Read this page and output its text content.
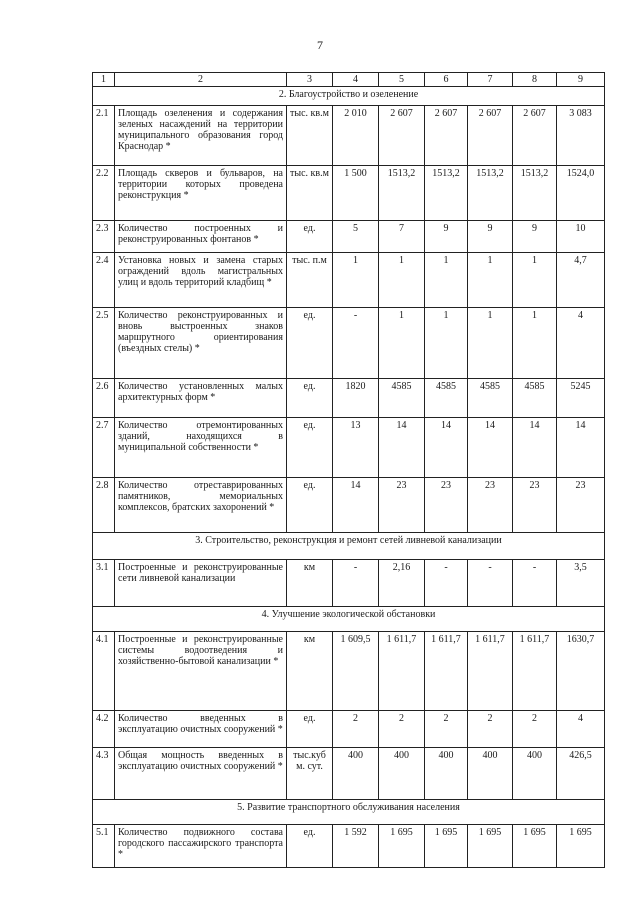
7
1	2	3	4	5	6	7	8	9
2. Благоустройство и озеленение								
2.1	Площадь озеленения и содержания зеленых насаждений на территории муниципального образования город Краснодар *	тыс. кв.м	2 010	2 607	2 607	2 607	2 607	3 083
2.2	Площадь скверов и бульваров, на территории которых проведена реконструкция *	тыс. кв.м	1 500	1513,2	1513,2	1513,2	1513,2	1524,0
2.3	Количество построенных и реконструированных фонтанов *	ед.	5	7	9	9	9	10
2.4	Установка новых и замена старых ограждений вдоль магистральных улиц и вдоль территорий кладбищ *	тыс. п.м	1	1	1	1	1	4,7
2.5	Количество реконструированных и вновь выстроенных знаков маршрутного ориентирования (въездных стелы) *	ед.	-	1	1	1	1	4
2.6	Количество установленных малых архитектурных форм *	ед.	1820	4585	4585	4585	4585	5245
2.7	Количество отремонтированных зданий, находящихся в муниципальной собственности *	ед.	13	14	14	14	14	14
2.8	Количество отреставрированных памятников, мемориальных комплексов, братских захоронений *	ед.	14	23	23	23	23	23
3. Строительство, реконструкция и ремонт сетей ливневой канализации								
3.1	Построенные и реконструированные сети ливневой канализации	км	-	2,16	-	-	-	3,5
4. Улучшение экологической обстановки								
4.1	Построенные и реконструированные системы водоотведения и хозяйственно-бытовой канализации *	км	1 609,5	1 611,7	1 611,7	1 611,7	1 611,7	1630,7
4.2	Количество введенных в эксплуатацию очистных сооружений *	ед.	2	2	2	2	2	4
4.3	Общая мощность введенных в эксплуатацию очистных сооружений *	тыс.куб м. сут.	400	400	400	400	400	426,5
5. Развитие транспортного обслуживания населения								
5.1	Количество подвижного состава городского пассажирского транспорта *	ед.	1 592	1 695	1 695	1 695	1 695	1 695
